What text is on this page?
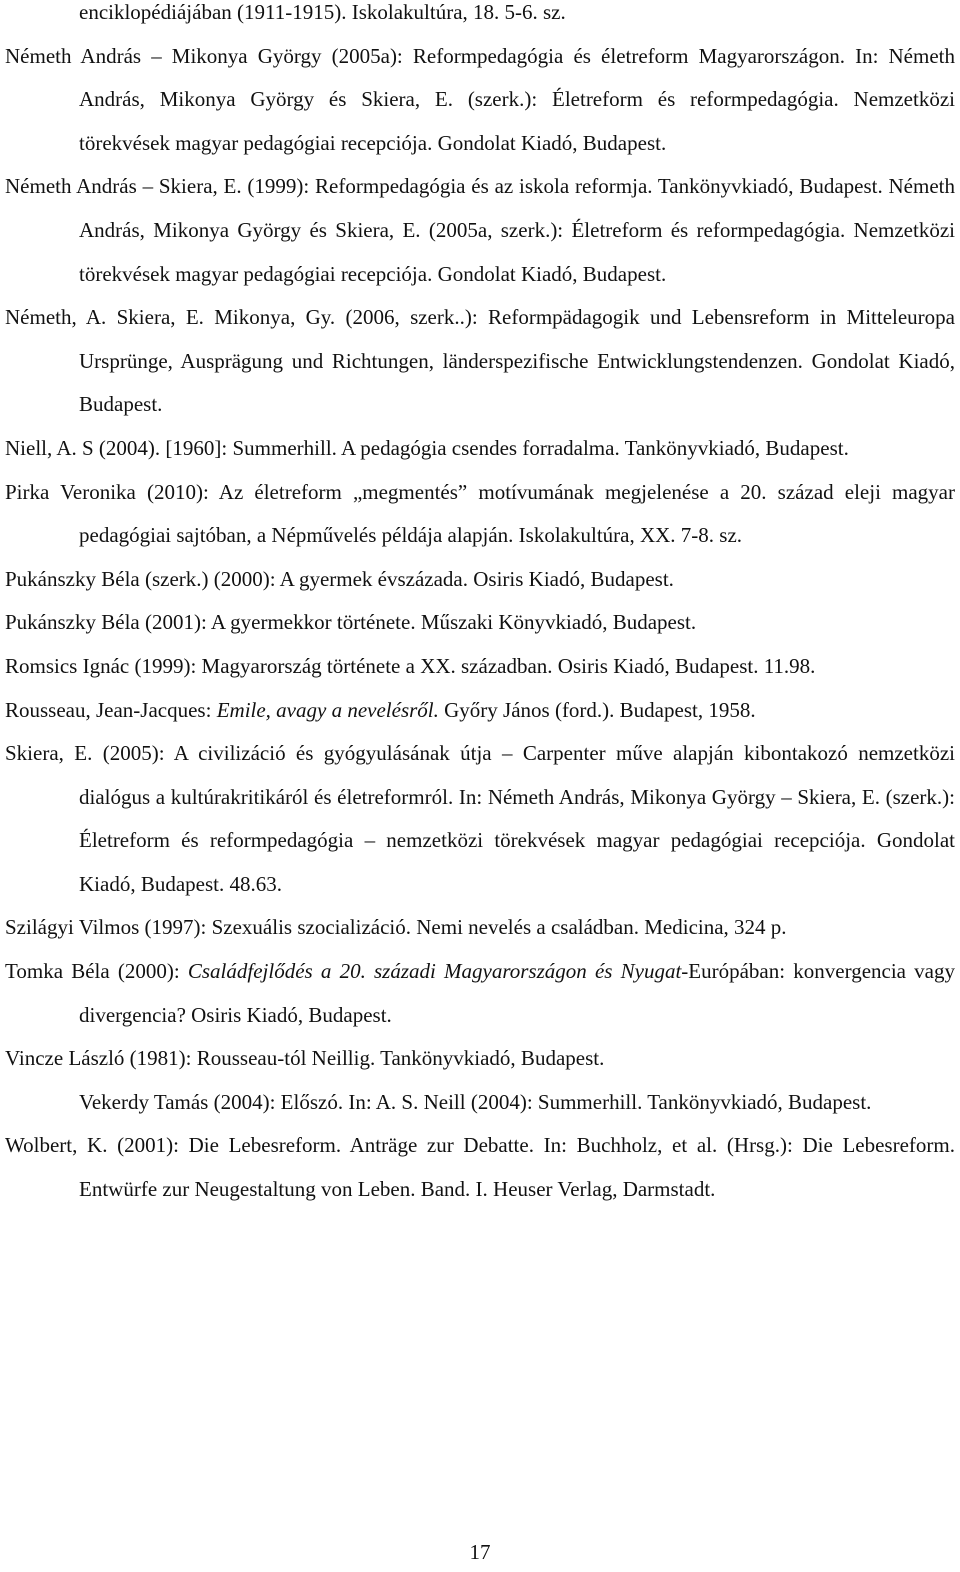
enciklopédiájában (1911-1915). Iskolakultúra, 18. 5-6. sz.

Németh András – Mikonya György (2005a): Reformpedagógia és életreform Magyarországon. In: Németh András, Mikonya György és Skiera, E. (szerk.): Életreform és reformpedagógia. Nemzetközi törekvések magyar pedagógiai recepciója. Gondolat Kiadó, Budapest.

Németh András – Skiera, E. (1999): Reformpedagógia és az iskola reformja. Tankönyvkiadó, Budapest. Németh András, Mikonya György és Skiera, E. (2005a, szerk.): Életreform és reformpedagógia. Nemzetközi törekvések magyar pedagógiai recepciója. Gondolat Kiadó, Budapest.

Németh, A. Skiera, E. Mikonya, Gy. (2006, szerk..): Reformpädagogik und Lebensreform in Mitteleuropa Ursprünge, Ausprägung und Richtungen, länderspezifische Entwicklungstendenzen. Gondolat Kiadó, Budapest.

Niell, A. S (2004). [1960]: Summerhill. A pedagógia csendes forradalma. Tankönyvkiadó, Budapest.

Pirka Veronika (2010): Az életreform „megmentés” motívumának megjelenése a 20. század eleji magyar pedagógiai sajtóban, a Népművelés példája alapján. Iskolakultúra, XX. 7-8. sz.

Pukánszky Béla (szerk.) (2000): A gyermek évszázada. Osiris Kiadó, Budapest.

Pukánszky Béla (2001): A gyermekkor története. Műszaki Könyvkiadó, Budapest.

Romsics Ignác (1999): Magyarország története a XX. században. Osiris Kiadó, Budapest. 11.98.

Rousseau, Jean-Jacques: Emile, avagy a nevelésről. Győry János (ford.). Budapest, 1958.

Skiera, E. (2005): A civilizáció és gyógyulásának útja – Carpenter műve alapján kibontakozó nemzetközi dialógus a kultúrakritikáról és életreformról. In: Németh András, Mikonya György – Skiera, E. (szerk.): Életreform és reformpedagógia – nemzetközi törekvések magyar pedagógiai recepciója. Gondolat Kiadó, Budapest. 48.63.

Szilágyi Vilmos (1997): Szexuális szocializáció. Nemi nevelés a családban. Medicina, 324 p.

Tomka Béla (2000): Családfejlődés a 20. századi Magyarországon és Nyugat-Európában: konvergencia vagy divergencia? Osiris Kiadó, Budapest.

Vincze László (1981): Rousseau-tól Neillig. Tankönyvkiadó, Budapest.

Vekerdy Tamás (2004): Előszó. In: A. S. Neill (2004): Summerhill. Tankönyvkiadó, Budapest.

Wolbert, K. (2001): Die Lebesreform. Anträge zur Debatte. In: Buchholz, et al. (Hrsg.): Die Lebesreform. Entwürfe zur Neugestaltung von Leben. Band. I. Heuser Verlag, Darmstadt.

17
